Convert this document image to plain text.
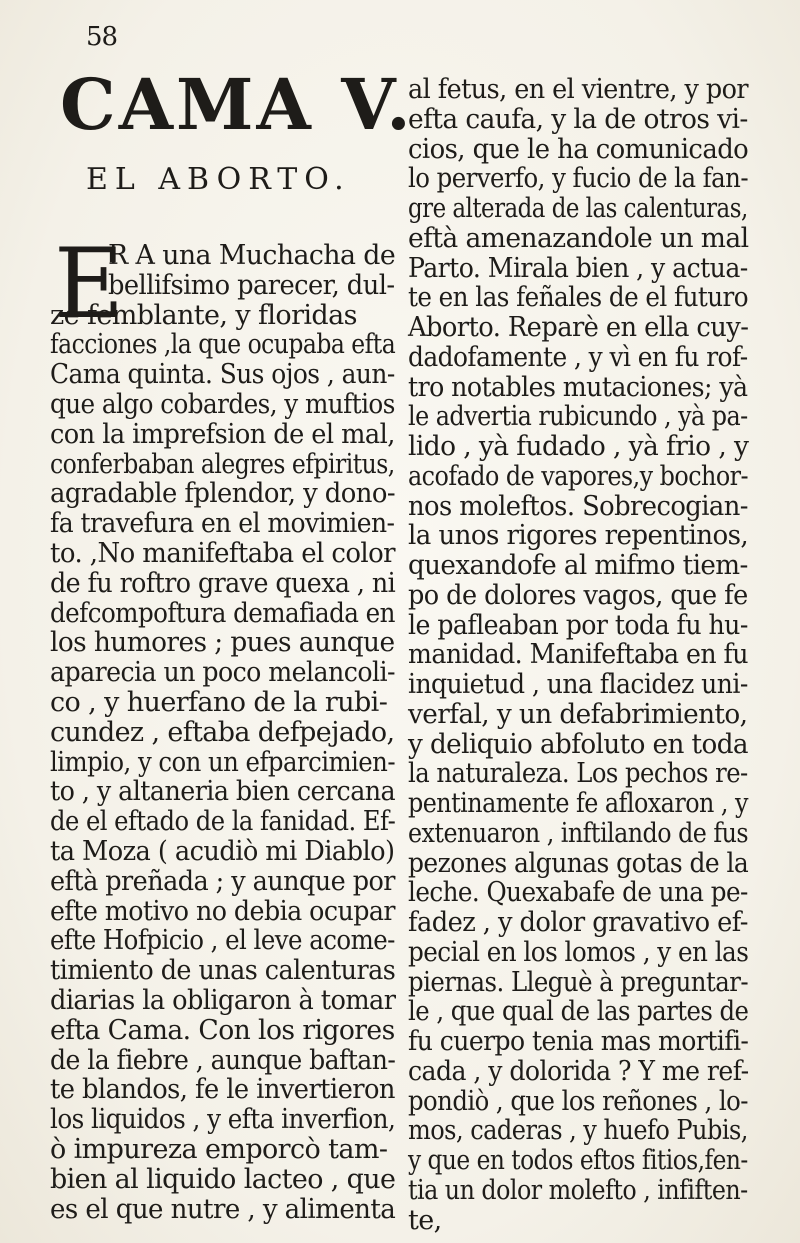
58
CAMA V.
EL ABORTO.
E
R A una Muchacha de
bellifsimo parecer, dul-
ze femblante, y floridas
facciones ,la que ocupaba efta
Cama quinta. Sus ojos , aun-
que algo cobardes, y muftios
con la imprefsion de el mal,
conferbaban alegres efpiritus,
agradable fplendor, y dono-
fa travefura en el movimien-
to. ,No manifeftaba el color
de fu roftro grave quexa , ni
defcompoftura demafiada en
los humores ; pues aunque
aparecia un poco melancoli-
co , y huerfano de la rubi-
cundez , eftaba defpejado,
limpio, y con un efparcimien-
to , y altaneria bien cercana
de el eftado de la fanidad. Ef-
ta Moza ( acudiò mi Diablo)
eftà preñada ; y aunque por
efte motivo no debia ocupar
efte Hofpicio , el leve acome-
timiento de unas calenturas
diarias la obligaron à tomar
efta Cama. Con los rigores
de la fiebre , aunque baftan-
te blandos, fe le invertieron
los liquidos , y efta inverfion,
ò impureza emporcò tam-
bien al liquido lacteo , que
es el que nutre , y alimenta
al fetus, en el vientre, y por
efta caufa, y la de otros vi-
cios, que le ha comunicado
lo perverfo, y fucio de la fan-
gre alterada de las calenturas,
eftà amenazandole un mal
Parto. Mirala bien , y actua-
te en las feñales de el futuro
Aborto. Reparè en ella cuy-
dadofamente , y vì en fu rof-
tro notables mutaciones; yà
le advertia rubicundo , yà pa-
lido , yà fudado , yà frio , y
acofado de vapores,y bochor-
nos moleftos. Sobrecogian-
la unos rigores repentinos,
quexandofe al mifmo tiem-
po de dolores vagos, que fe
le pafleaban por toda fu hu-
manidad. Manifeftaba en fu
inquietud , una flacidez uni-
verfal, y un defabrimiento,
y deliquio abfoluto en toda
la naturaleza. Los pechos re-
pentinamente fe afloxaron , y
extenuaron , inftilando de fus
pezones algunas gotas de la
leche. Quexabafe de una pe-
fadez , y dolor gravativo ef-
pecial en los lomos , y en las
piernas. Lleguè à preguntar-
le , que qual de las partes de
fu cuerpo tenia mas mortifi-
cada , y dolorida ? Y me ref-
pondiò , que los reñones , lo-
mos, caderas , y huefo Pubis,
y que en todos eftos fitios,fen-
tia un dolor molefto , infiften-
te,
